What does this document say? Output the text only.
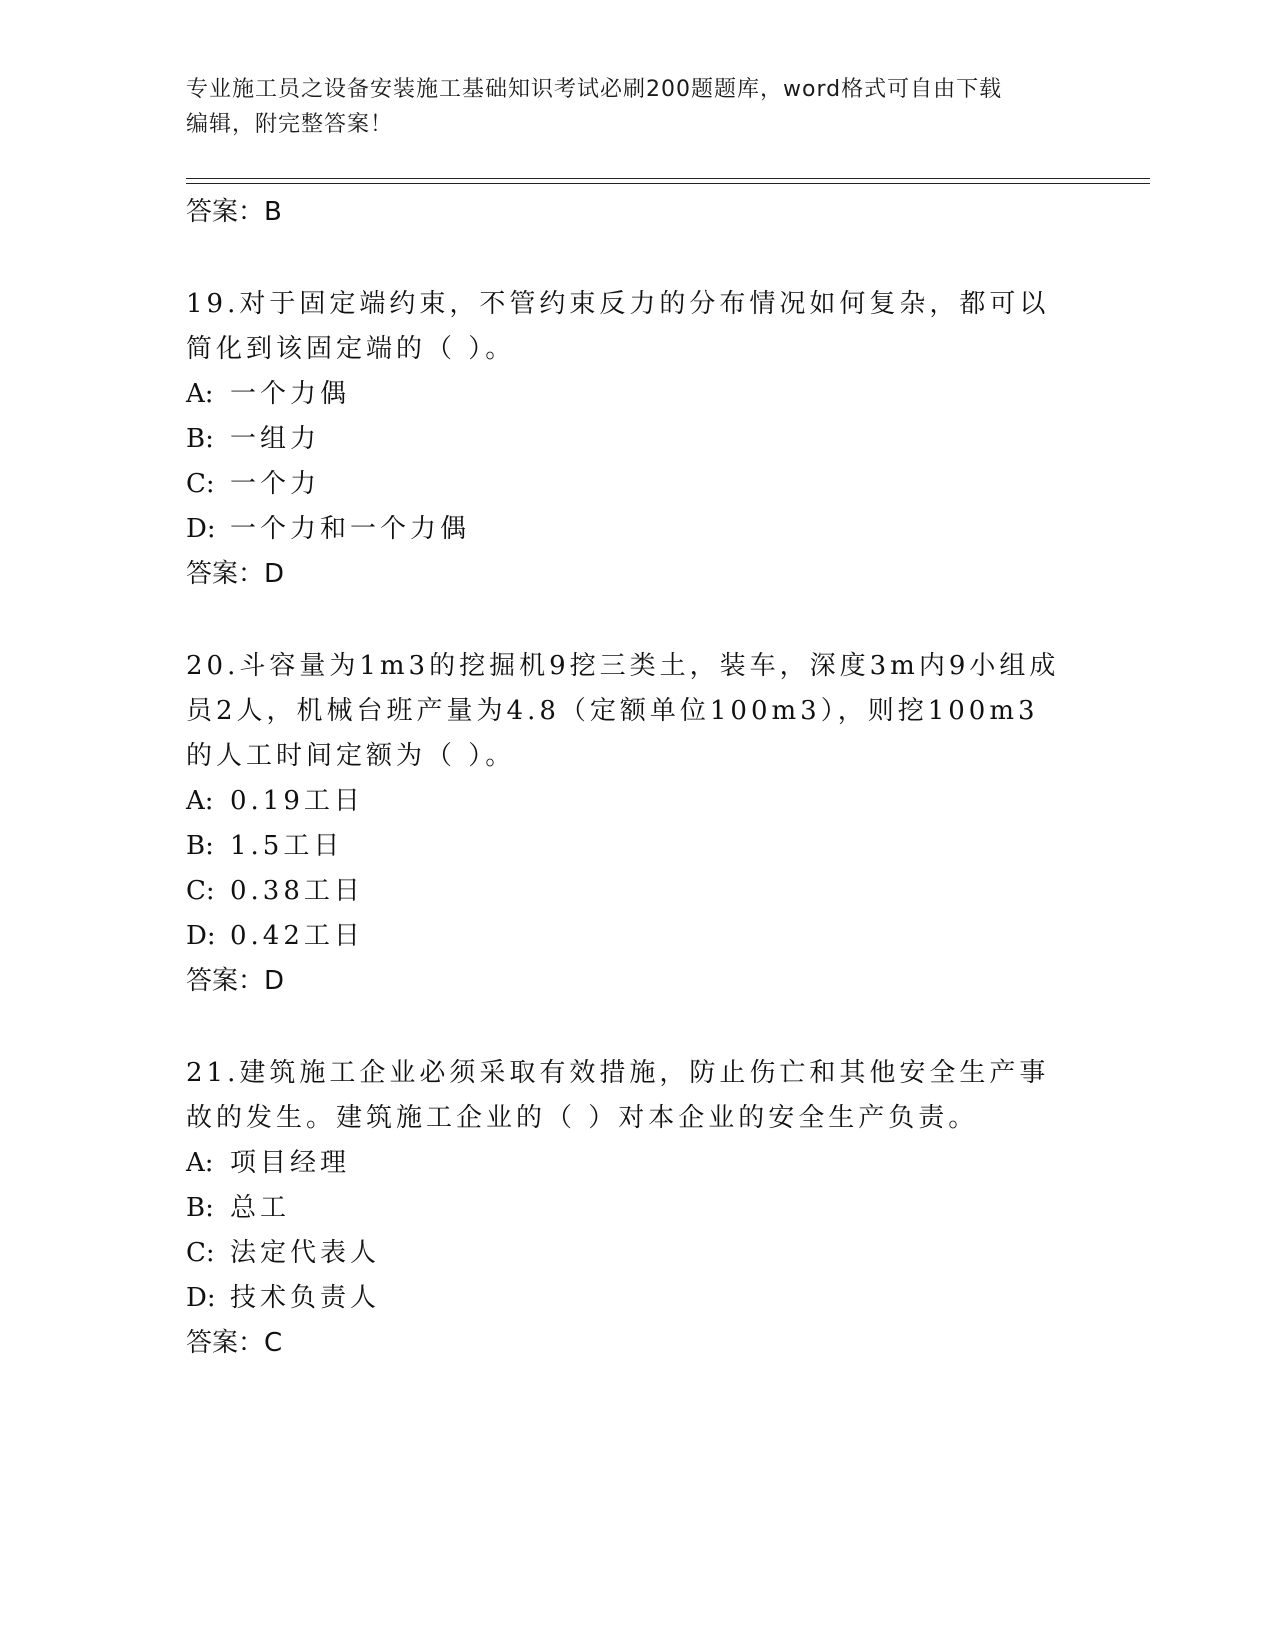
专业施工员之设备安装施工基础知识考试必刷200题题库，word格式可自由下载
编辑，附完整答案！

答案：B

19.对于固定端约束，不管约束反力的分布情况如何复杂，都可以简化到该固定端的（ ）。

A: 一个力偶

B: 一组力

C: 一个力

D: 一个力和一个力偶

答案：D

20.斗容量为1m3的挖掘机9挖三类土，装车，深度3m内9小组成员2人，机械台班产量为4.8（定额单位100m3），则挖100m3的人工时间定额为（ ）。

A: 0.19工日

B: 1.5工日

C: 0.38工日

D: 0.42工日

答案：D

21.建筑施工企业必须采取有效措施，防止伤亡和其他安全生产事故的发生。建筑施工企业的（ ）对本企业的安全生产负责。

A: 项目经理

B: 总工

C: 法定代表人

D: 技术负责人

答案：C
